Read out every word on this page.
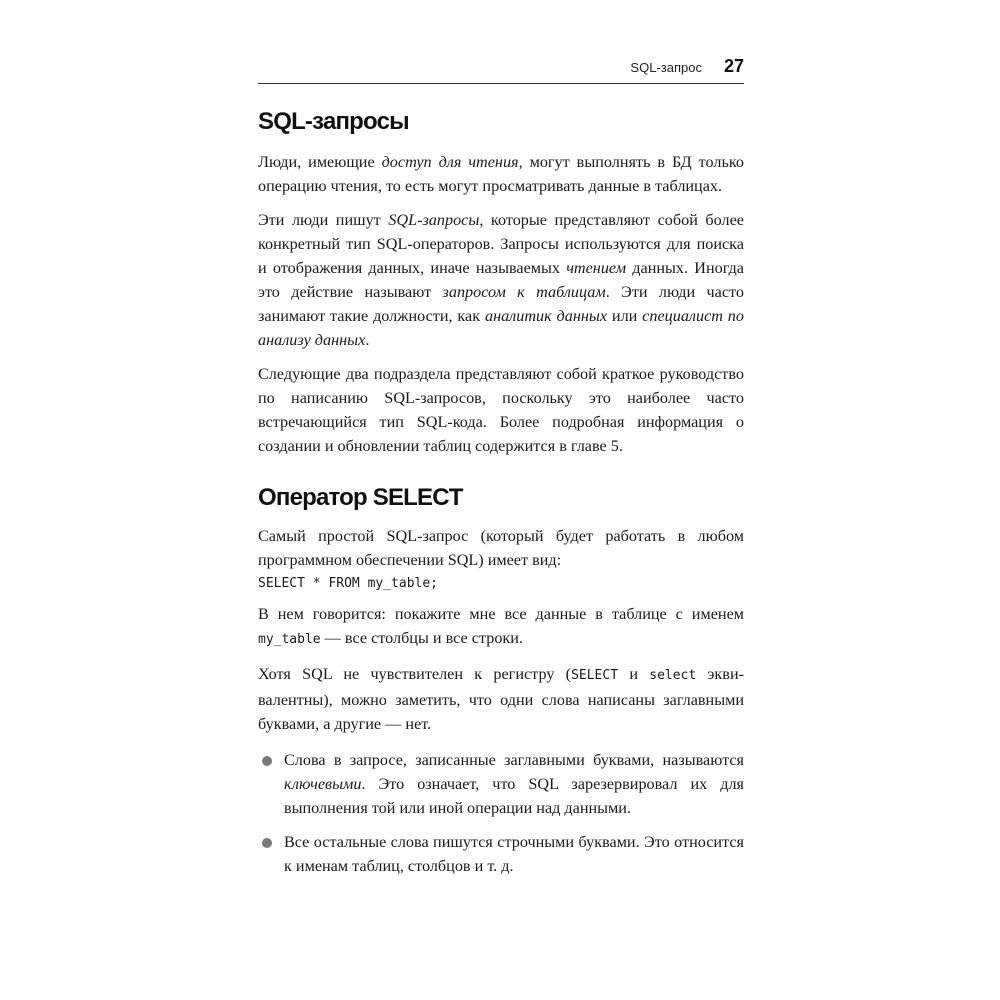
SQL-запрос 27
SQL-запросы

Люди, имеющие доступ для чтения, могут выполнять в БД только операцию чтения, то есть могут просматривать данные в таблицах.

Эти люди пишут SQL-запросы, которые представляют собой более конкретный тип SQL-операторов. Запросы используются для поиска и отображения данных, иначе называемых чтением данных. Иногда это действие называют запросом к таблицам. Эти люди часто занимают такие должности, как аналитик данных или специалист по анализу данных.

Следующие два подраздела представляют собой краткое руководство по написанию SQL-запросов, поскольку это наиболее часто встречающийся тип SQL-кода. Более подробная информация о создании и обновлении таблиц содержится в главе 5.

Оператор SELECT

Самый простой SQL-запрос (который будет работать в любом программном обеспечении SQL) имеет вид:

SELECT * FROM my_table;

В нем говорится: покажите мне все данные в таблице с именем my_table — все столбцы и все строки.

Хотя SQL не чувствителен к регистру (SELECT и select эквивалентны), можно заметить, что одни слова написаны заглавными буквами, а другие — нет.

Слова в запросе, записанные заглавными буквами, называются ключевыми. Это означает, что SQL зарезервировал их для выполнения той или иной операции над данными.
Все остальные слова пишутся строчными буквами. Это относится к именам таблиц, столбцов и т. д.
